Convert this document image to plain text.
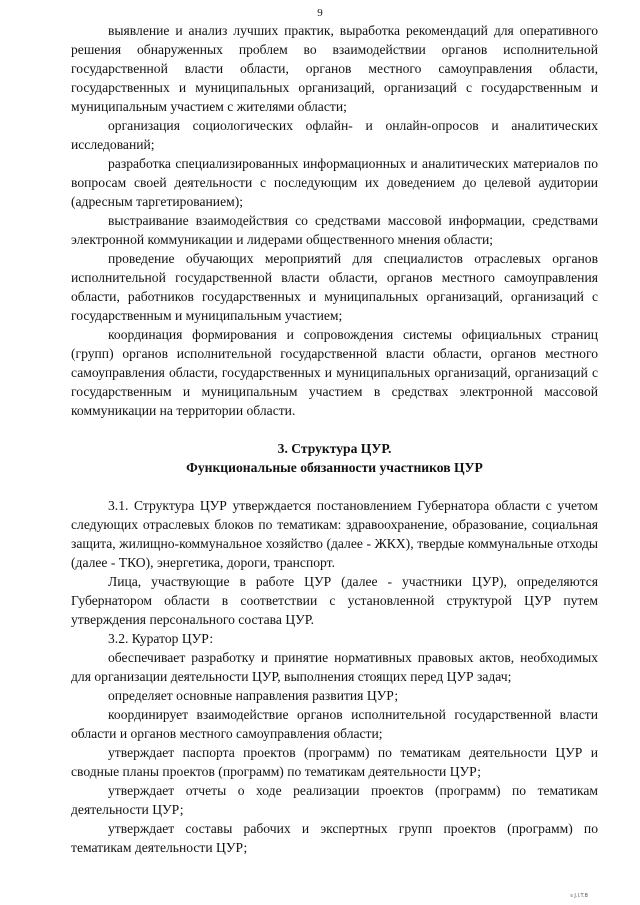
9

выявление и анализ лучших практик, выработка рекомендаций для оперативного решения обнаруженных проблем во взаимодействии органов исполнительной государственной власти области, органов местного самоуправления области, государственных и муниципальных организаций, организаций с государственным и муниципальным участием с жителями области;

организация социологических офлайн- и онлайн-опросов и аналитических исследований;

разработка специализированных информационных и аналитических материалов по вопросам своей деятельности с последующим их доведением до целевой аудитории (адресным таргетированием);

выстраивание взаимодействия со средствами массовой информации, средствами электронной коммуникации и лидерами общественного мнения области;

проведение обучающих мероприятий для специалистов отраслевых органов исполнительной государственной власти области, органов местного самоуправления области, работников государственных и муниципальных организаций, организаций с государственным и муниципальным участием;

координация формирования и сопровождения системы официальных страниц (групп) органов исполнительной государственной власти области, органов местного самоуправления области, государственных и муниципальных организаций, организаций с государственным и муниципальным участием в средствах электронной массовой коммуникации на территории области.

3. Структура ЦУР.

Функциональные обязанности участников ЦУР

3.1. Структура ЦУР утверждается постановлением Губернатора области с учетом следующих отраслевых блоков по тематикам: здравоохранение, образование, социальная защита, жилищно-коммунальное хозяйство (далее - ЖКХ), твердые коммунальные отходы (далее - ТКО), энергетика, дороги, транспорт.

Лица, участвующие в работе ЦУР (далее - участники ЦУР), определяются Губернатором области в соответствии с установленной структурой ЦУР путем утверждения персонального состава ЦУР.

3.2. Куратор ЦУР:

обеспечивает разработку и принятие нормативных правовых актов, необходимых для организации деятельности ЦУР, выполнения стоящих перед ЦУР задач;

определяет основные направления развития ЦУР;

координирует взаимодействие органов исполнительной государственной власти области и органов местного самоуправления области;

утверждает паспорта проектов (программ) по тематикам деятельности ЦУР и сводные планы проектов (программ) по тематикам деятельности ЦУР;

утверждает отчеты о ходе реализации проектов (программ) по тематикам деятельности ЦУР;

утверждает составы рабочих и экспертных групп проектов (программ) по тематикам деятельности ЦУР;

s J.I.T.B
